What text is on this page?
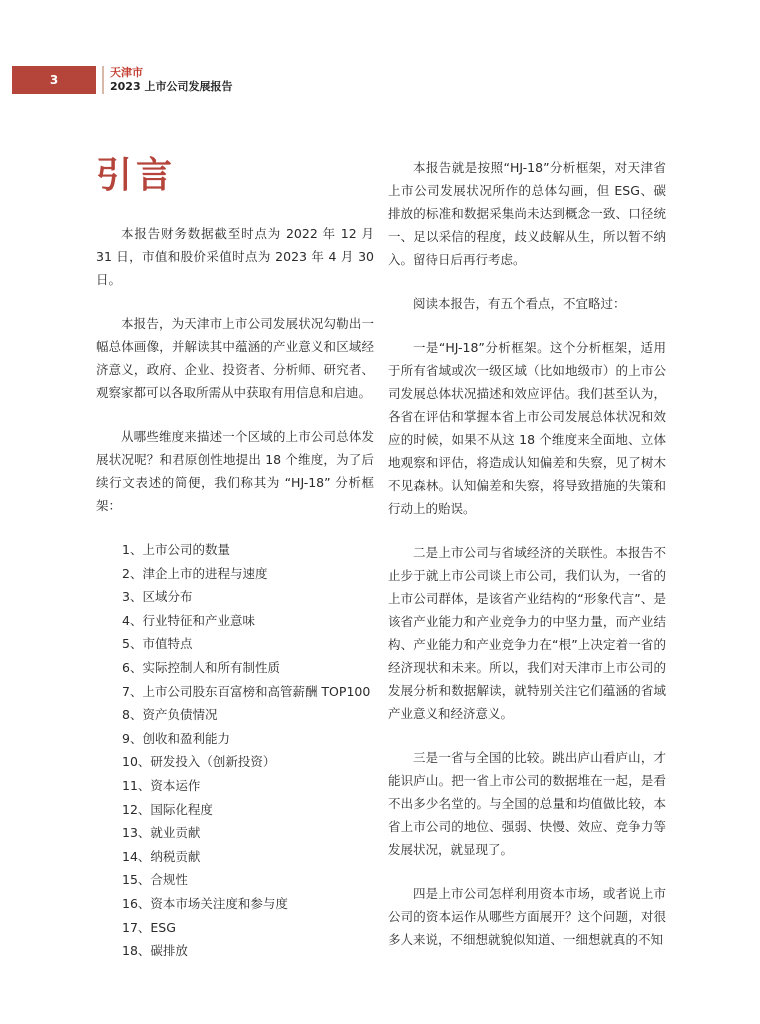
3
天津市
2023 上市公司发展报告
引言

本报告财务数据截至时点为 2022 年 12 月 31 日，市值和股价采值时点为 2023 年 4 月 30 日。

本报告，为天津市上市公司发展状况勾勒出一幅总体画像，并解读其中蕴涵的产业意义和区域经济意义，政府、企业、投资者、分析师、研究者、观察家都可以各取所需从中获取有用信息和启迪。

从哪些维度来描述一个区域的上市公司总体发展状况呢？和君原创性地提出 18 个维度，为了后续行文表述的简便，我们称其为 “HJ-18” 分析框架：

1、上市公司的数量
2、津企上市的进程与速度
3、区域分布
4、行业特征和产业意味
5、市值特点
6、实际控制人和所有制性质
7、上市公司股东百富榜和高管薪酬 TOP100
8、资产负债情况
9、创收和盈利能力
10、研发投入（创新投资）
11、资本运作
12、国际化程度
13、就业贡献
14、纳税贡献
15、合规性
16、资本市场关注度和参与度
17、ESG
18、碳排放

本报告就是按照“HJ-18”分析框架，对天津省上市公司发展状况所作的总体勾画，但 ESG、碳排放的标准和数据采集尚未达到概念一致、口径统一、足以采信的程度，歧义歧解从生，所以暂不纳入。留待日后再行考虑。

阅读本报告，有五个看点，不宜略过：

一是“HJ-18”分析框架。这个分析框架，适用于所有省域或次一级区域（比如地级市）的上市公司发展总体状况描述和效应评估。我们甚至认为，各省在评估和掌握本省上市公司发展总体状况和效应的时候，如果不从这 18 个维度来全面地、立体地观察和评估，将造成认知偏差和失察，见了树木不见森林。认知偏差和失察，将导致措施的失策和行动上的贻误。

二是上市公司与省域经济的关联性。本报告不止步于就上市公司谈上市公司，我们认为，一省的上市公司群体，是该省产业结构的“形象代言”、是该省产业能力和产业竞争力的中坚力量，而产业结构、产业能力和产业竞争力在“根”上决定着一省的经济现状和未来。所以，我们对天津市上市公司的发展分析和数据解读，就特别关注它们蕴涵的省域产业意义和经济意义。

三是一省与全国的比较。跳出庐山看庐山，才能识庐山。把一省上市公司的数据堆在一起，是看不出多少名堂的。与全国的总量和均值做比较，本省上市公司的地位、强弱、快慢、效应、竞争力等发展状况，就显现了。

四是上市公司怎样利用资本市场，或者说上市公司的资本运作从哪些方面展开？这个问题，对很多人来说，不细想就貌似知道、一细想就真的不知
